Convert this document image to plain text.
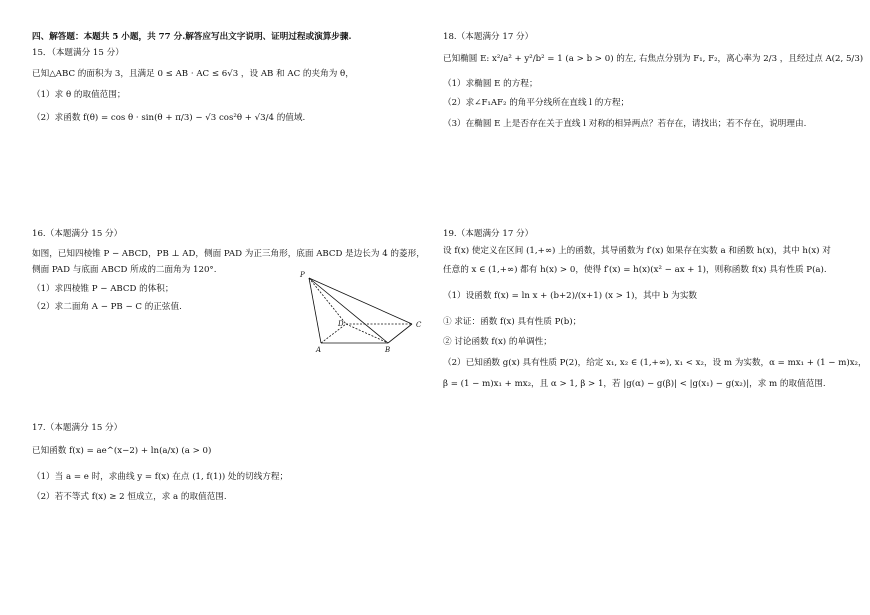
四、解答题：本题共 5 小题，共 77 分.解答应写出文字说明、证明过程或演算步骤.
15．（本题满分 15 分）
已知△ABC 的面积为 3，且满足 0 ≤ AB · AC ≤ 6√3 ，设 AB 和 AC 的夹角为 θ，
（1）求 θ 的取值范围；
（2）求函数 f(θ) = cos θ · sin(θ + π/3) − √3 cos²θ + √3/4 的值域.
16.（本题满分 15 分）
如图，已知四棱锥 P − ABCD，PB ⊥ AD，侧面 PAD 为正三角形，底面 ABCD 是边长为 4 的菱形，
侧面 PAD 与底面 ABCD 所成的二面角为 120°.
（1）求四棱锥 P − ABCD 的体积；
（2）求二面角 A − PB − C 的正弦值.
P
D	C
A	B
17.（本题满分 15 分）
已知函数 f(x) = ae^(x−2) + ln(a/x) (a > 0)
（1）当 a = e 时，求曲线 y = f(x) 在点 (1, f(1)) 处的切线方程；
（2）若不等式 f(x) ≥ 2 恒成立，求 a 的取值范围.
18.（本题满分 17 分）
已知椭圆 E: x²/a² + y²/b² = 1 (a > b > 0) 的左, 右焦点分别为 F₁, F₂，离心率为 2/3 ，且经过点 A(2, 5/3)
（1）求椭圆 E 的方程；
（2）求∠F₁AF₂ 的角平分线所在直线 l 的方程；
（3）在椭圆 E 上是否存在关于直线 l 对称的相异两点？若存在，请找出；若不存在，说明理由.
19.（本题满分 17 分）
设 f(x) 使定义在区间 (1,+∞) 上的函数，其导函数为 f′(x) 如果存在实数 a 和函数 h(x)，其中 h(x) 对
任意的 x ∈ (1,+∞) 都有 h(x) > 0，使得 f′(x) = h(x)(x² − ax + 1)，则称函数 f(x) 具有性质 P(a).
（1）设函数 f(x) = ln x + (b+2)/(x+1) (x > 1)，其中 b 为实数
① 求证：函数 f(x) 具有性质 P(b)；
② 讨论函数 f(x) 的单调性；
（2）已知函数 g(x) 具有性质 P(2)，给定 x₁, x₂ ∈ (1,+∞), x₁ < x₂，设 m 为实数，α = mx₁ + (1 − m)x₂，
β = (1 − m)x₁ + mx₂，且 α > 1, β > 1，若 |g(α) − g(β)| < |g(x₁) − g(x₂)|，求 m 的取值范围.
